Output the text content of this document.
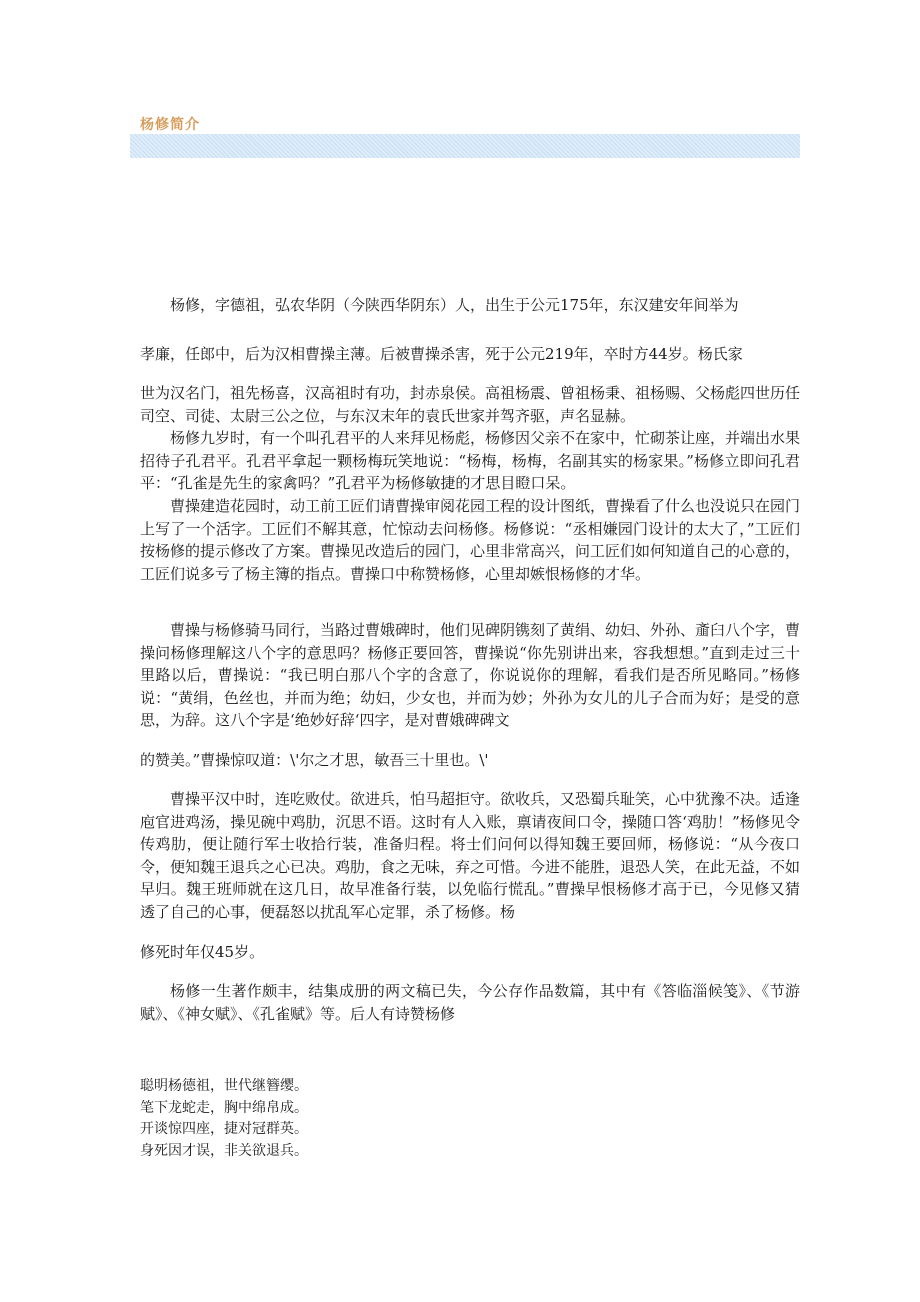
杨修简介

杨修，字德祖，弘农华阴（今陕西华阴东）人，出生于公元175年，东汉建安年间举为

孝廉，任郎中，后为汉相曹操主薄。后被曹操杀害，死于公元219年，卒时方44岁。杨氏家

世为汉名门，祖先杨喜，汉高祖时有功，封赤泉侯。高祖杨震、曾祖杨秉、祖杨赐、父杨彪四世历任司空、司徒、太尉三公之位，与东汉末年的袁氏世家并驾齐驱，声名显赫。

杨修九岁时，有一个叫孔君平的人来拜见杨彪，杨修因父亲不在家中，忙砌茶让座，并端出水果招待子孔君平。孔君平拿起一颗杨梅玩笑地说：“杨梅，杨梅，名副其实的杨家果。”杨修立即问孔君平：“孔雀是先生的家禽吗？”孔君平为杨修敏捷的才思目瞪口呆。

曹操建造花园时，动工前工匠们请曹操审阅花园工程的设计图纸，曹操看了什么也没说只在园门上写了一个活字。工匠们不解其意，忙惊动去问杨修。杨修说：“丞相嫌园门设计的太大了，”工匠们按杨修的提示修改了方案。曹操见改造后的园门，心里非常高兴，问工匠们如何知道自己的心意的，工匠们说多亏了杨主簿的指点。曹操口中称赞杨修，心里却嫉恨杨修的才华。

曹操与杨修骑马同行，当路过曹娥碑时，他们见碑阴镌刻了黄绢、幼妇、外孙、齑臼八个字，曹操问杨修理解这八个字的意思吗？杨修正要回答，曹操说“你先别讲出来，容我想想。”直到走过三十里路以后，曹操说：“我已明白那八个字的含意了，你说说你的理解，看我们是否所见略同。”杨修说：“黄绢，色丝也，并而为绝；幼妇，少女也，并而为妙；外孙为女儿的儿子合而为好；是受的意思，为辞。这八个字是‘绝妙好辞‘四字，是对曹娥碑碑文

的赞美。”曹操惊叹道：\'尔之才思，敏吾三十里也。\'

曹操平汉中时，连吃败仗。欲进兵，怕马超拒守。欲收兵，又恐蜀兵耻笑，心中犹豫不决。适逢庖官进鸡汤，操见碗中鸡肋，沉思不语。这时有人入账，禀请夜间口令，操随口答‘鸡肋！”杨修见令传鸡肋，便让随行军士收拾行装，准备归程。将士们问何以得知魏王要回师，杨修说：“从今夜口令，便知魏王退兵之心已决。鸡肋，食之无味，弃之可惜。今进不能胜，退恐人笑，在此无益，不如早归。魏王班师就在这几日，故早准备行装，以免临行慌乱。”曹操早恨杨修才高于已，今见修又猜透了自己的心事，便磊怒以扰乱军心定罪，杀了杨修。杨

修死时年仅45岁。

杨修一生著作颇丰，结集成册的两文稿已失，今公存作品数篇，其中有《答临淄候笺》、《节游赋》、《神女赋》、《孔雀赋》等。后人有诗赞杨修

聪明杨德祖，世代继簪缨。
笔下龙蛇走，胸中绵帛成。
开谈惊四座，捷对冠群英。
身死因才误，非关欲退兵。
